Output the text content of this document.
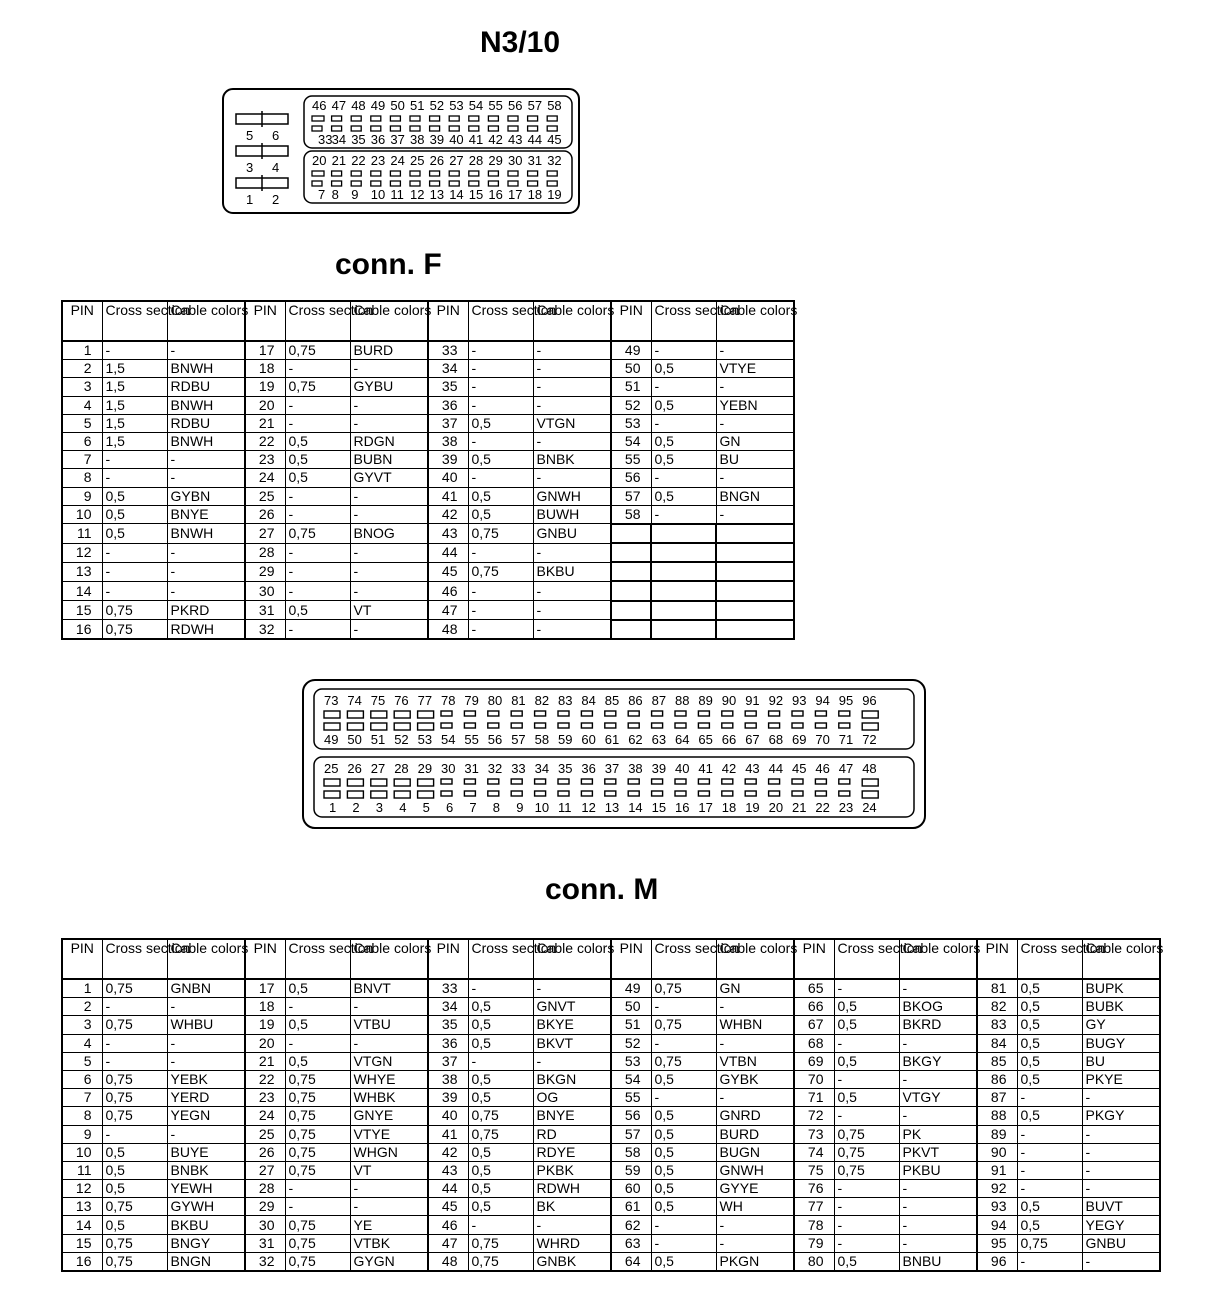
N3/10
5 6
3 4
1 2
46 47 48 49 50 51 52 53 54 55 56 57 58
33 34 35 36 37 38 39 40 41 42 43 44 45
20 21 22 23 24 25 26 27 28 29 30 31 32
7 8 9 10 11 12 13 14 15 16 17 18 19
conn. F
PIN	Cross section	Cable colors	PIN	Cross section	Cable colors	PIN	Cross section	Cable colors	PIN	Cross section	Cable colors
1	-	-	17	0,75	BURD	33	-	-	49	-	-
2	1,5	BNWH	18	-	-	34	-	-	50	0,5	VTYE
3	1,5	RDBU	19	0,75	GYBU	35	-	-	51	-	-
4	1,5	BNWH	20	-	-	36	-	-	52	0,5	YEBN
5	1,5	RDBU	21	-	-	37	0,5	VTGN	53	-	-
6	1,5	BNWH	22	0,5	RDGN	38	-	-	54	0,5	GN
7	-	-	23	0,5	BUBN	39	0,5	BNBK	55	0,5	BU
8	-	-	24	0,5	GYVT	40	-	-	56	-	-
9	0,5	GYBN	25	-	-	41	0,5	GNWH	57	0,5	BNGN
10	0,5	BNYE	26	-	-	42	0,5	BUWH	58	-	-
11	0,5	BNWH	27	0,75	BNOG	43	0,75	GNBU			
12	-	-	28	-	-	44	-	-			
13	-	-	29	-	-	45	0,75	BKBU			
14	-	-	30	-	-	46	-	-			
15	0,75	PKRD	31	0,5	VT	47	-	-			
16	0,75	RDWH	32	-	-	48	-	-			
73 74 75 76 77 78 79 80 81 82 83 84 85 86 87 88 89 90 91 92 93 94 95 96
49 50 51 52 53 54 55 56 57 58 59 60 61 62 63 64 65 66 67 68 69 70 71 72
25 26 27 28 29 30 31 32 33 34 35 36 37 38 39 40 41 42 43 44 45 46 47 48
1 2 3 4 5 6 7 8 9 10 11 12 13 14 15 16 17 18 19 20 21 22 23 24
conn. M
PIN	Cross section	Cable colors	PIN	Cross section	Cable colors	PIN	Cross section	Cable colors	PIN	Cross section	Cable colors	PIN	Cross section	Cable colors	PIN	Cross section	Cable colors
1	0,75	GNBN	17	0,5	BNVT	33	-	-	49	0,75	GN	65	-	-	81	0,5	BUPK
2	-	-	18	-	-	34	0,5	GNVT	50	-	-	66	0,5	BKOG	82	0,5	BUBK
3	0,75	WHBU	19	0,5	VTBU	35	0,5	BKYE	51	0,75	WHBN	67	0,5	BKRD	83	0,5	GY
4	-	-	20	-	-	36	0,5	BKVT	52	-	-	68	-	-	84	0,5	BUGY
5	-	-	21	0,5	VTGN	37	-	-	53	0,75	VTBN	69	0,5	BKGY	85	0,5	BU
6	0,75	YEBK	22	0,75	WHYE	38	0,5	BKGN	54	0,5	GYBK	70	-	-	86	0,5	PKYE
7	0,75	YERD	23	0,75	WHBK	39	0,5	OG	55	-	-	71	0,5	VTGY	87	-	-
8	0,75	YEGN	24	0,75	GNYE	40	0,75	BNYE	56	0,5	GNRD	72	-	-	88	0,5	PKGY
9	-	-	25	0,75	VTYE	41	0,75	RD	57	0,5	BURD	73	0,75	PK	89	-	-
10	0,5	BUYE	26	0,75	WHGN	42	0,5	RDYE	58	0,5	BUGN	74	0,75	PKVT	90	-	-
11	0,5	BNBK	27	0,75	VT	43	0,5	PKBK	59	0,5	GNWH	75	0,75	PKBU	91	-	-
12	0,5	YEWH	28	-	-	44	0,5	RDWH	60	0,5	GYYE	76	-	-	92	-	-
13	0,75	GYWH	29	-	-	45	0,5	BK	61	0,5	WH	77	-	-	93	0,5	BUVT
14	0,5	BKBU	30	0,75	YE	46	-	-	62	-	-	78	-	-	94	0,5	YEGY
15	0,75	BNGY	31	0,75	VTBK	47	0,75	WHRD	63	-	-	79	-	-	95	0,75	GNBU
16	0,75	BNGN	32	0,75	GYGN	48	0,75	GNBK	64	0,5	PKGN	80	0,5	BNBU	96	-	-
